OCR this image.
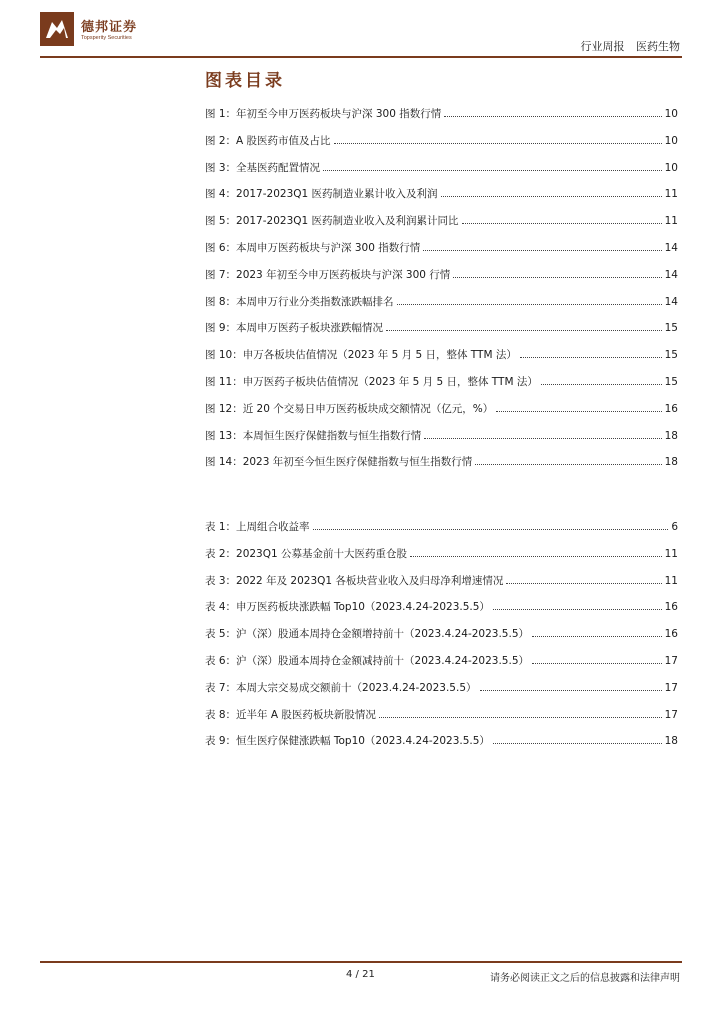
德邦证券
Topsperity Securities
行业周报 医药生物
图表目录
图 1：年初至今申万医药板块与沪深 300 指数行情	10
图 2：A 股医药市值及占比	10
图 3：全基医药配置情况	10
图 4：2017-2023Q1 医药制造业累计收入及利润	11
图 5：2017-2023Q1 医药制造业收入及利润累计同比	11
图 6：本周申万医药板块与沪深 300 指数行情	14
图 7：2023 年初至今申万医药板块与沪深 300 行情	14
图 8：本周申万行业分类指数涨跌幅排名	14
图 9：本周申万医药子板块涨跌幅情况	15
图 10：申万各板块估值情况（2023 年 5 月 5 日，整体 TTM 法）	15
图 11：申万医药子板块估值情况（2023 年 5 月 5 日，整体 TTM 法）	15
图 12：近 20 个交易日申万医药板块成交额情况（亿元，%）	16
图 13：本周恒生医疗保健指数与恒生指数行情	18
图 14：2023 年初至今恒生医疗保健指数与恒生指数行情	18
表 1：上周组合收益率	6
表 2：2023Q1 公募基金前十大医药重仓股	11
表 3：2022 年及 2023Q1 各板块营业收入及归母净利增速情况	11
表 4：申万医药板块涨跌幅 Top10（2023.4.24-2023.5.5）	16
表 5：沪（深）股通本周持仓金额增持前十（2023.4.24-2023.5.5）	16
表 6：沪（深）股通本周持仓金额减持前十（2023.4.24-2023.5.5）	17
表 7：本周大宗交易成交额前十（2023.4.24-2023.5.5）	17
表 8：近半年 A 股医药板块新股情况	17
表 9：恒生医疗保健涨跌幅 Top10（2023.4.24-2023.5.5）	18
4 / 21	请务必阅读正文之后的信息披露和法律声明
